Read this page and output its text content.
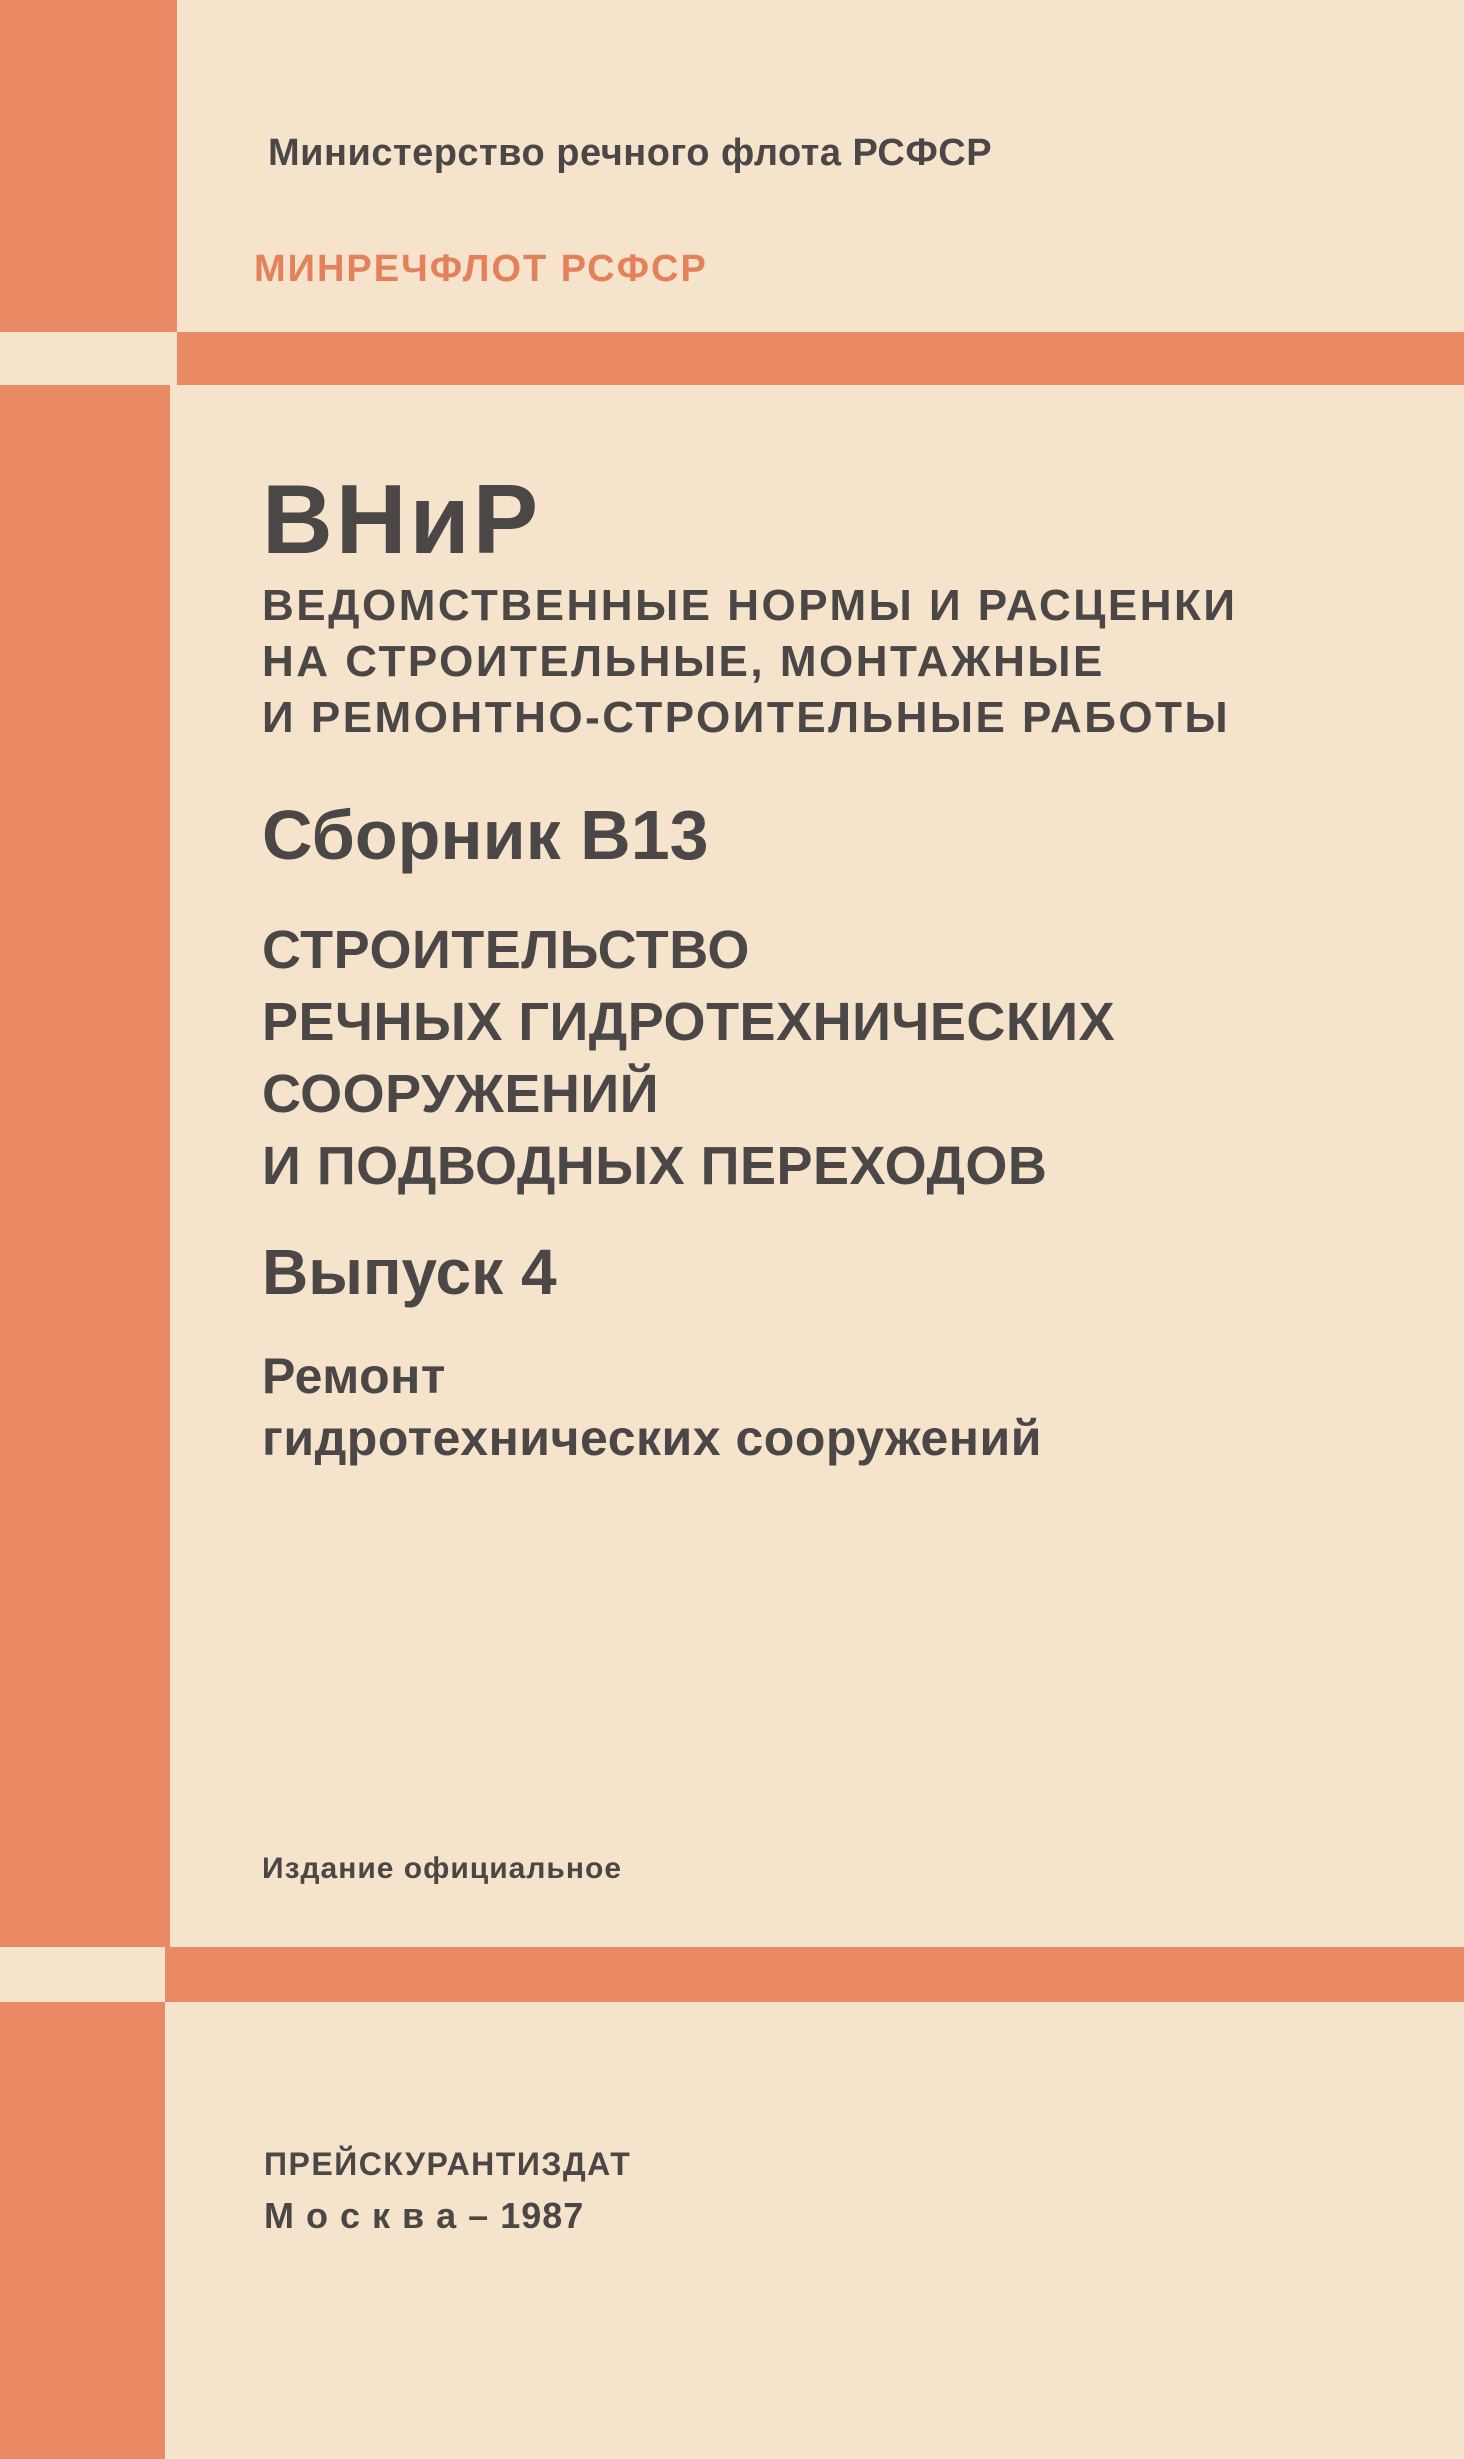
Министерство речного флота РСФСР

МИНРЕЧФЛОТ РСФСР

ВНиР
ВЕДОМСТВЕННЫЕ НОРМЫ И РАСЦЕНКИ
НА СТРОИТЕЛЬНЫЕ, МОНТАЖНЫЕ
И РЕМОНТНО-СТРОИТЕЛЬНЫЕ РАБОТЫ
Сборник В13
СТРОИТЕЛЬСТВО
РЕЧНЫХ ГИДРОТЕХНИЧЕСКИХ
СООРУЖЕНИЙ
И ПОДВОДНЫХ ПЕРЕХОДОВ
Выпуск 4
Ремонт
гидротехнических сооружений

Издание официальное

ПРЕЙСКУРАНТИЗДАТ

М о с к в а – 1987
